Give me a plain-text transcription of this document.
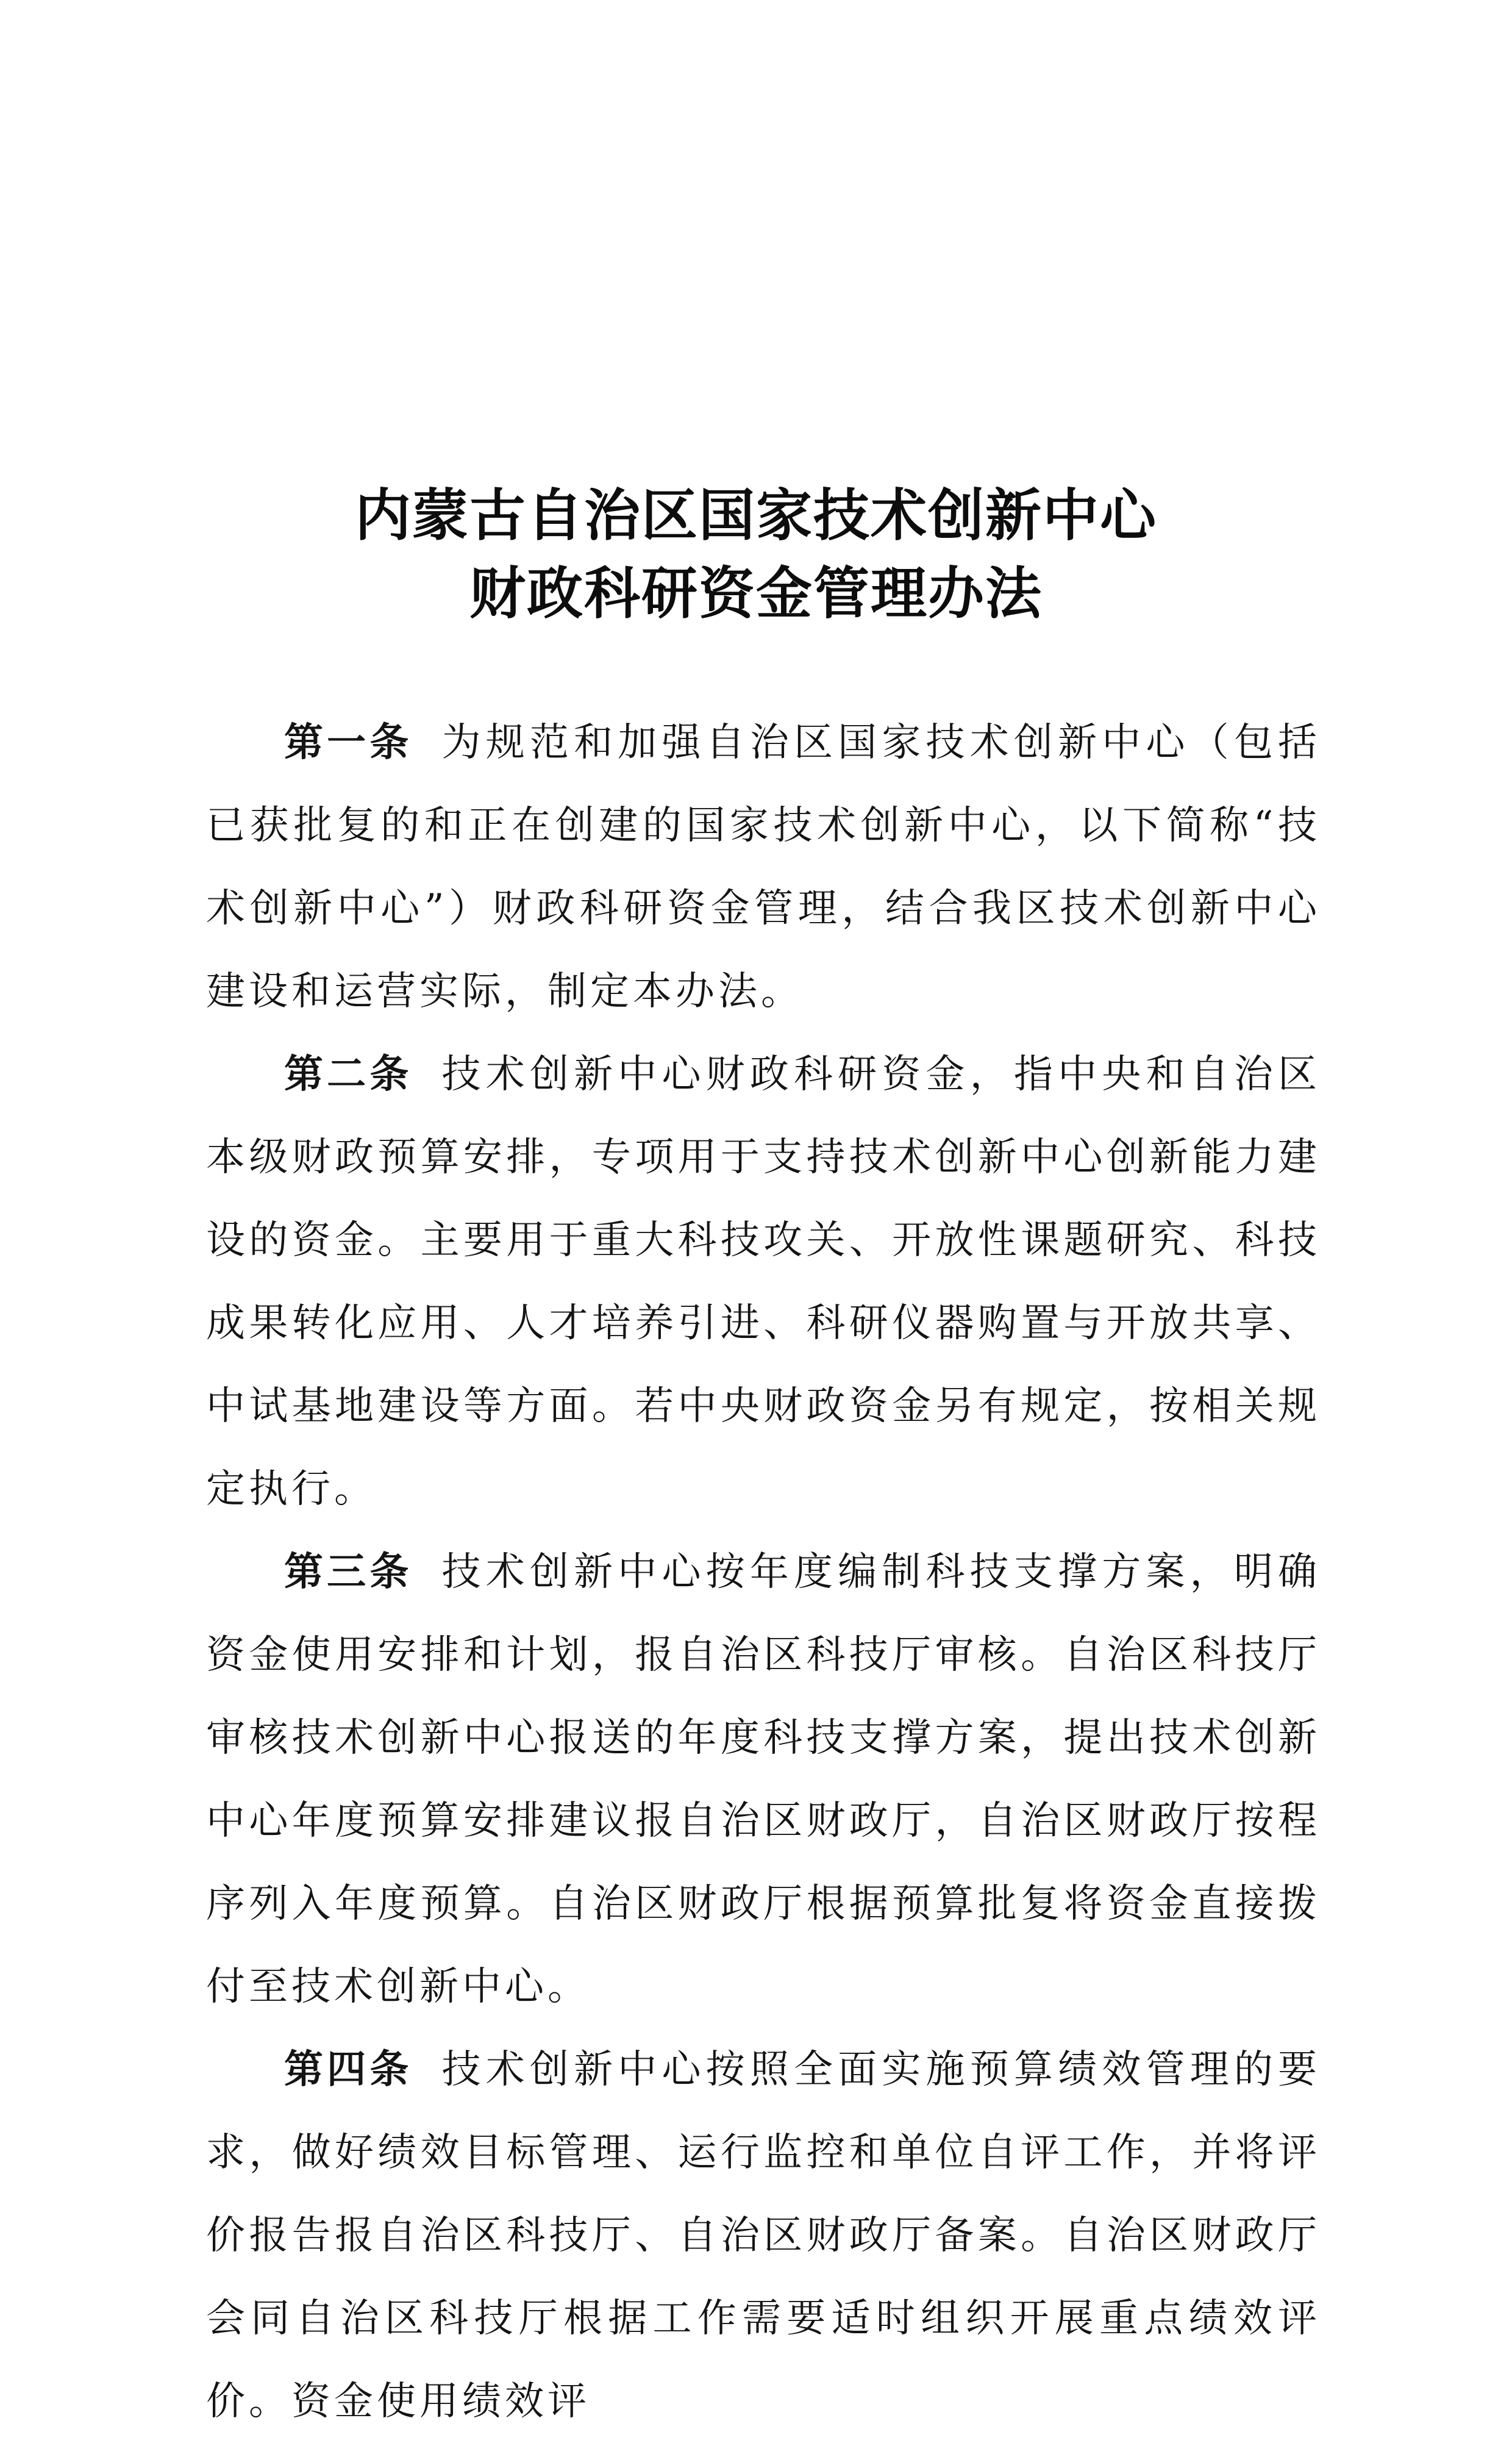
内蒙古自治区国家技术创新中心
财政科研资金管理办法

第一条 为规范和加强自治区国家技术创新中心（包括已获批复的和正在创建的国家技术创新中心，以下简称“技术创新中心”）财政科研资金管理，结合我区技术创新中心建设和运营实际，制定本办法。

第二条 技术创新中心财政科研资金，指中央和自治区本级财政预算安排，专项用于支持技术创新中心创新能力建设的资金。主要用于重大科技攻关、开放性课题研究、科技成果转化应用、人才培养引进、科研仪器购置与开放共享、中试基地建设等方面。若中央财政资金另有规定，按相关规定执行。

第三条 技术创新中心按年度编制科技支撑方案，明确资金使用安排和计划，报自治区科技厅审核。自治区科技厅审核技术创新中心报送的年度科技支撑方案，提出技术创新中心年度预算安排建议报自治区财政厅，自治区财政厅按程序列入年度预算。自治区财政厅根据预算批复将资金直接拨付至技术创新中心。

第四条 技术创新中心按照全面实施预算绩效管理的要求，做好绩效目标管理、运行监控和单位自评工作，并将评价报告报自治区科技厅、自治区财政厅备案。自治区财政厅会同自治区科技厅根据工作需要适时组织开展重点绩效评价。资金使用绩效评
